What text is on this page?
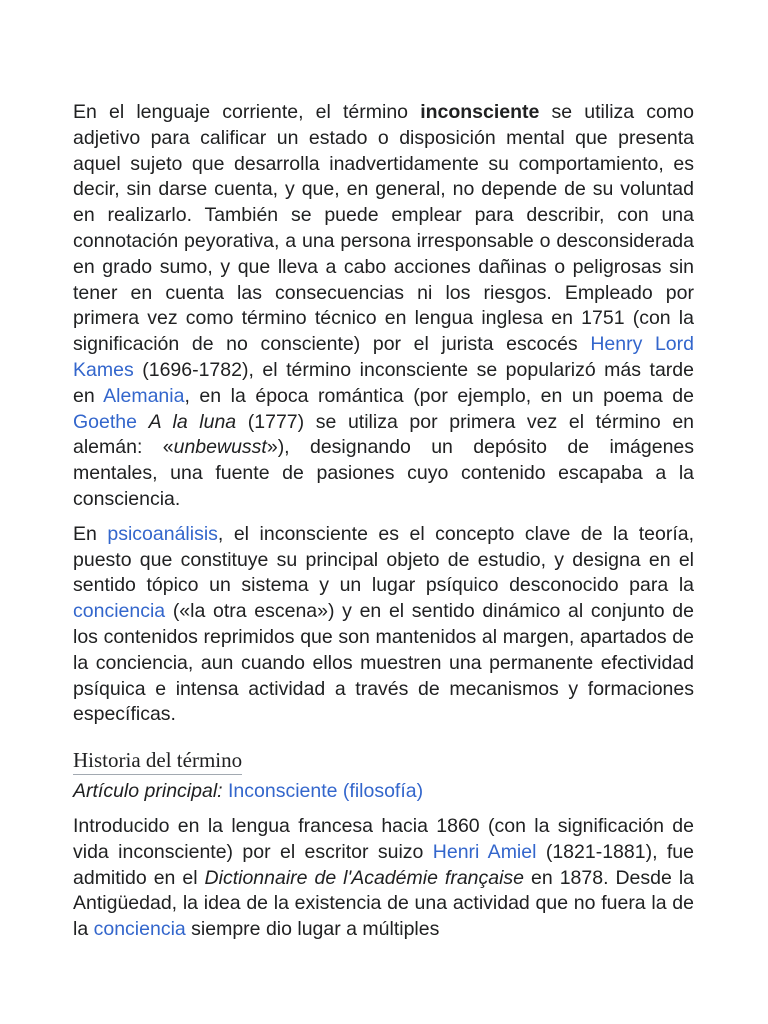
En el lenguaje corriente, el término inconsciente se utiliza como adjetivo para calificar un estado o disposición mental que presenta aquel sujeto que desarrolla inadvertidamente su comportamiento, es decir, sin darse cuenta, y que, en general, no depende de su voluntad en realizarlo. También se puede emplear para describir, con una connotación peyorativa, a una persona irresponsable o desconsiderada en grado sumo, y que lleva a cabo acciones dañinas o peligrosas sin tener en cuenta las consecuencias ni los riesgos. Empleado por primera vez como término técnico en lengua inglesa en 1751 (con la significación de no consciente) por el jurista escocés Henry Lord Kames (1696-1782), el término inconsciente se popularizó más tarde en Alemania, en la época romántica (por ejemplo, en un poema de Goethe A la luna (1777) se utiliza por primera vez el término en alemán: «unbewusst»), designando un depósito de imágenes mentales, una fuente de pasiones cuyo contenido escapaba a la consciencia.

En psicoanálisis, el inconsciente es el concepto clave de la teoría, puesto que constituye su principal objeto de estudio, y designa en el sentido tópico un sistema y un lugar psíquico desconocido para la conciencia («la otra escena») y en el sentido dinámico al conjunto de los contenidos reprimidos que son mantenidos al margen, apartados de la conciencia, aun cuando ellos muestren una permanente efectividad psíquica e intensa actividad a través de mecanismos y formaciones específicas.

Historia del término
Artículo principal: Inconsciente (filosofía)

Introducido en la lengua francesa hacia 1860 (con la significación de vida inconsciente) por el escritor suizo Henri Amiel (1821-1881), fue admitido en el Dictionnaire de l'Académie française en 1878. Desde la Antigüedad, la idea de la existencia de una actividad que no fuera la de la conciencia siempre dio lugar a múltiples
